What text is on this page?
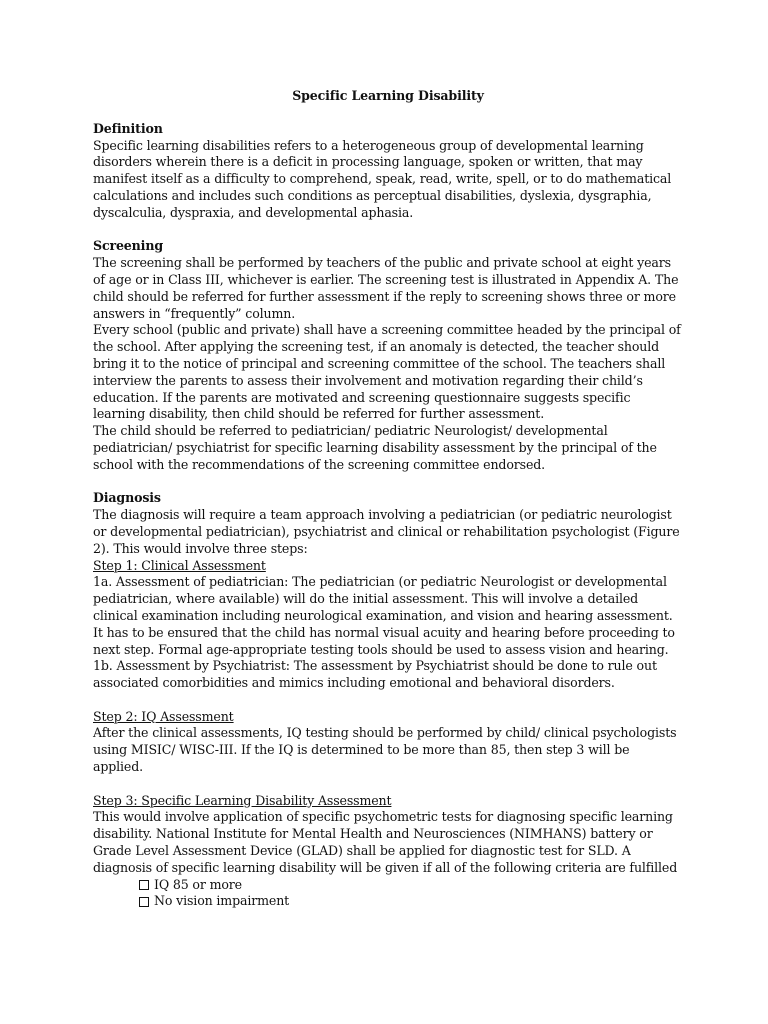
Specific Learning Disability

Definition

Specific learning disabilities refers to a heterogeneous group of developmental learning disorders wherein there is a deficit in processing language, spoken or written, that may manifest itself as a difficulty to comprehend, speak, read, write, spell, or to do mathematical calculations and includes such conditions as perceptual disabilities, dyslexia, dysgraphia, dyscalculia, dyspraxia, and developmental aphasia.

Screening

The screening shall be performed by teachers of the public and private school at eight years of age or in Class III, whichever is earlier. The screening test is illustrated in Appendix A. The child should be referred for further assessment if the reply to screening shows three or more answers in “frequently” column.

Every school (public and private) shall have a screening committee headed by the principal of the school. After applying the screening test, if an anomaly is detected, the teacher should bring it to the notice of principal and screening committee of the school. The teachers shall interview the parents to assess their involvement and motivation regarding their child’s education. If the parents are motivated and screening questionnaire suggests specific learning disability, then child should be referred for further assessment.

The child should be referred to pediatrician/ pediatric Neurologist/ developmental pediatrician/ psychiatrist for specific learning disability assessment by the principal of the school with the recommendations of the screening committee endorsed.

Diagnosis

The diagnosis will require a team approach involving a pediatrician (or pediatric neurologist or developmental pediatrician), psychiatrist and clinical or rehabilitation psychologist (Figure 2). This would involve three steps:

Step 1: Clinical Assessment

1a. Assessment of pediatrician: The pediatrician (or pediatric Neurologist or developmental pediatrician, where available) will do the initial assessment. This will involve a detailed clinical examination including neurological examination, and vision and hearing assessment. It has to be ensured that the child has normal visual acuity and hearing before proceeding to next step. Formal age-appropriate testing tools should be used to assess vision and hearing.

1b. Assessment by Psychiatrist: The assessment by Psychiatrist should be done to rule out associated comorbidities and mimics including emotional and behavioral disorders.

Step 2: IQ Assessment

After the clinical assessments, IQ testing should be performed by child/ clinical psychologists using MISIC/ WISC-III. If the IQ is determined to be more than 85, then step 3 will be applied.

Step 3: Specific Learning Disability Assessment

This would involve application of specific psychometric tests for diagnosing specific learning disability. National Institute for Mental Health and Neurosciences (NIMHANS) battery or Grade Level Assessment Device (GLAD) shall be applied for diagnostic test for SLD. A diagnosis of specific learning disability will be given if all of the following criteria are fulfilled

IQ 85 or more
No vision impairment
